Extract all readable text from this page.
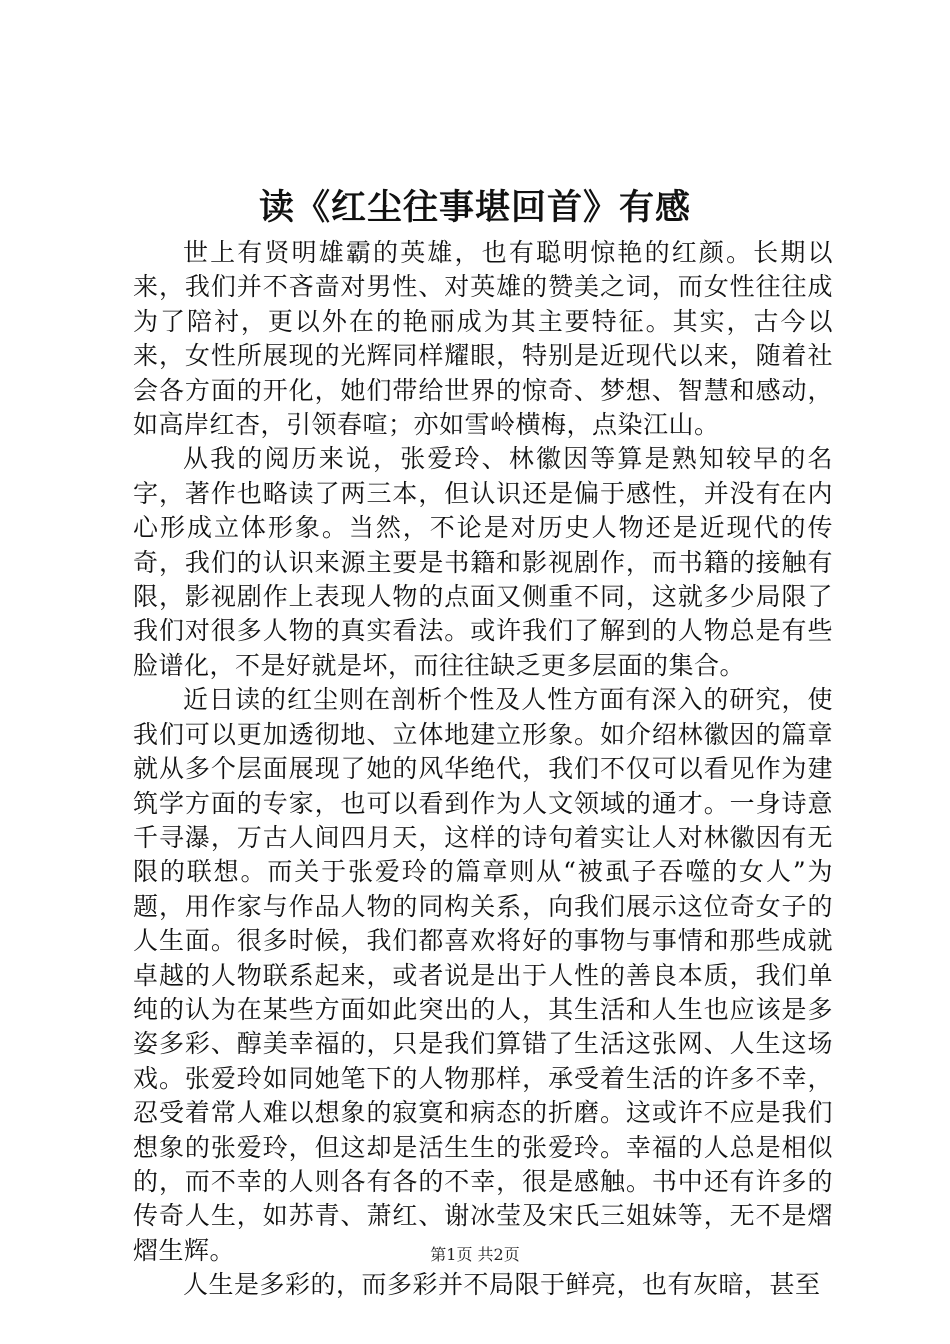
读《红尘往事堪回首》有感

世上有贤明雄霸的英雄，也有聪明惊艳的红颜。长期以来，我们并不吝啬对男性、对英雄的赞美之词，而女性往往成为了陪衬，更以外在的艳丽成为其主要特征。其实，古今以来，女性所展现的光辉同样耀眼，特别是近现代以来，随着社会各方面的开化，她们带给世界的惊奇、梦想、智慧和感动，如高岸红杏，引领春喧；亦如雪岭横梅，点染江山。

从我的阅历来说，张爱玲、林徽因等算是熟知较早的名字，著作也略读了两三本，但认识还是偏于感性，并没有在内心形成立体形象。当然，不论是对历史人物还是近现代的传奇，我们的认识来源主要是书籍和影视剧作，而书籍的接触有限，影视剧作上表现人物的点面又侧重不同，这就多少局限了我们对很多人物的真实看法。或许我们了解到的人物总是有些脸谱化，不是好就是坏，而往往缺乏更多层面的集合。

近日读的红尘则在剖析个性及人性方面有深入的研究，使我们可以更加透彻地、立体地建立形象。如介绍林徽因的篇章就从多个层面展现了她的风华绝代，我们不仅可以看见作为建筑学方面的专家，也可以看到作为人文领域的通才。一身诗意千寻瀑，万古人间四月天，这样的诗句着实让人对林徽因有无限的联想。而关于张爱玲的篇章则从“被虱子吞噬的女人”为题，用作家与作品人物的同构关系，向我们展示这位奇女子的人生面。很多时候，我们都喜欢将好的事物与事情和那些成就卓越的人物联系起来，或者说是出于人性的善良本质，我们单纯的认为在某些方面如此突出的人，其生活和人生也应该是多姿多彩、醇美幸福的，只是我们算错了生活这张网、人生这场戏。张爱玲如同她笔下的人物那样，承受着生活的许多不幸，忍受着常人难以想象的寂寞和病态的折磨。这或许不应是我们想象的张爱玲，但这却是活生生的张爱玲。幸福的人总是相似的，而不幸的人则各有各的不幸，很是感触。书中还有许多的传奇人生，如苏青、萧红、谢冰莹及宋氏三姐妹等，无不是熠熠生辉。

人生是多彩的，而多彩并不局限于鲜亮，也有灰暗，甚至

第1页 共2页
